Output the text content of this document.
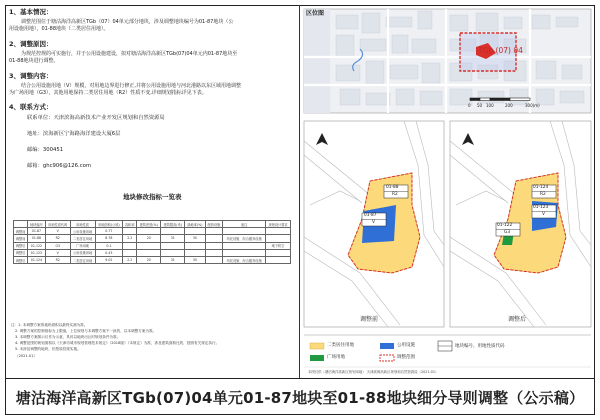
1、基本情况：
调整范围位于塘沽海洋高新区TGb（07）04单元部分地块，涉及调整地块编号为01-87地块（公
用设施用地），01-88地块（二类居住用地）。
2、调整原因：
为规范控规的可实施行，并于公用设施建设，拟对塘沽海洋高新区TGb(07)04单元内01-87地块至
01-88地块进行调整。
3、调整内容：
结合公用设施用地（V）规模，对用地边界进行修正,并将公用设施用地与河北港路以东区域用地调整
为广场用地（G3），其他用地保持二类居住用地（R2）性质不变,详细规划指标详见下表。
4、联系方式：
联系单位：天津滨海高新技术产业开发区规划和自然资源局
地址：滨海新区宁海路海洋建设大厦6层
邮编：300451
邮箱：ghc906@126.com
地块修改指标一览表
	地块编号	用地性质代码	用地性质	用地面积(公顷)	容积率	建筑密度(%)	建筑限高(米)	绿地率(%)	配套设施	备注	规划设计要求
调整前	01-87	V	公用设施用地	0.77							
调整前	01-88	R2	二类居住用地	8.78	2.2	20	31	30		幼托设施、综合服务设施	
调整后	01-122	G3	广场用地	0.1							地下防空
调整后	01-123	V	公用设施用地	0.43							
调整后	01-124	R2	二类居住用地	9.02	2.2	20	31	30		幼托设施、综合服务设施	
注：1. 本调整方案的地块面积以最终实测为准。
2. 调整方案的控制指标为上限值，上位规划与本调整方案不一致的，以本调整方案为准。
3. 本调整方案图示仅作为示意，具体以地块出让时规划条件为准。
4. 调整范围的规划面积以《天津市城市规划管理技术规定》（2018版）（本规定）为准，涉及建筑面积比的，按照有关规定执行。
5. 未涉及调整的地块，仍按原控规实施。
（2021.01）
区位图
TGb (07) 04
0 50 100	200	300(m)
01-88
R2
01-87
V
调整前
01-124
R2
01-123
V
01-122
G3
调整后
二类居住用地
广场用地
公用设施
调整范围
地块编号、用地性质代码
本图仅供（塘沽海洋高新区规划用地） 天津滨海高新区规划和自然资源局（2021.01）
塘沽海洋高新区TGb(07)04单元01-87地块至01-88地块细分导则调整（公示稿）
